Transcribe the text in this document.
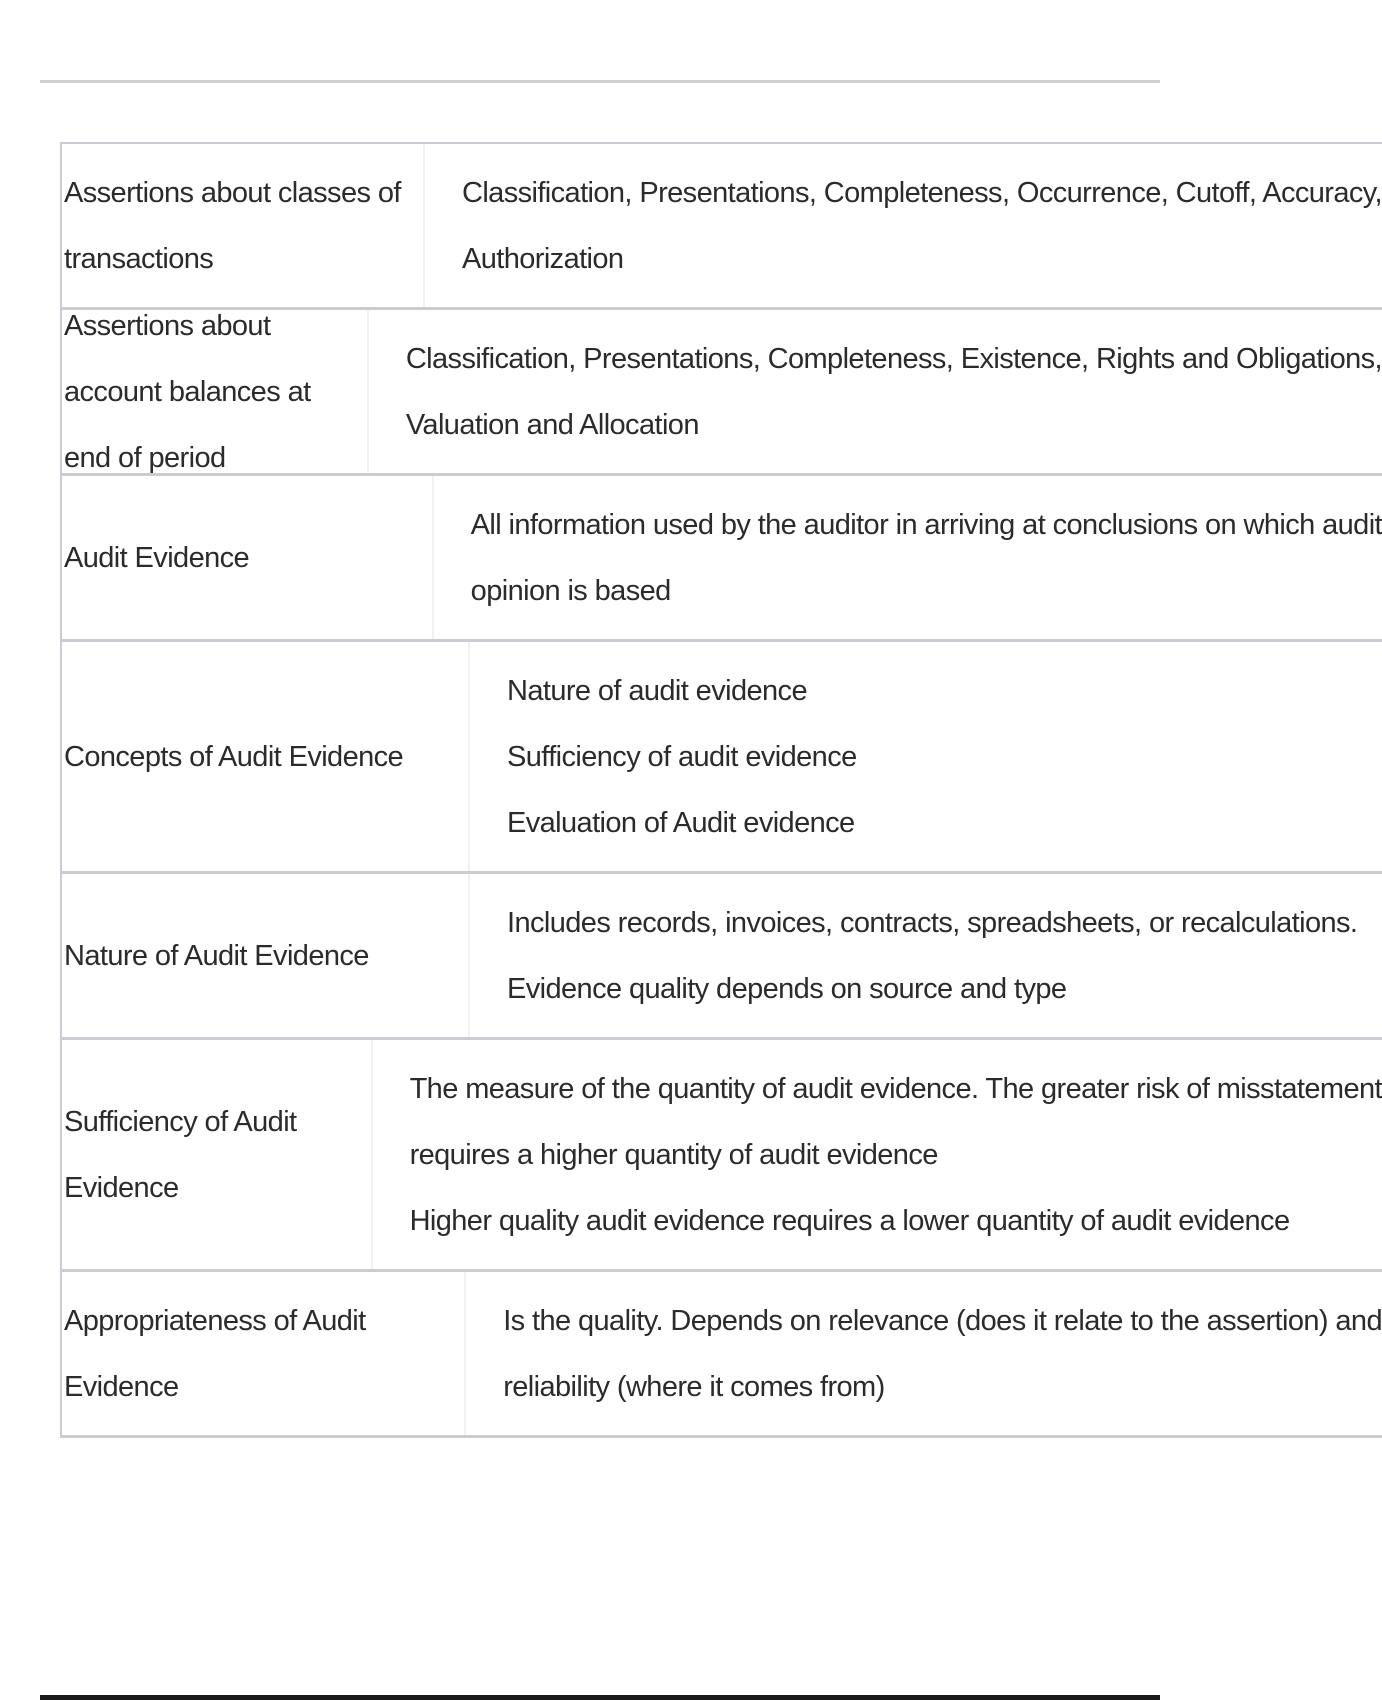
Assertions about classes of transactions
Classification, Presentations, Completeness, Occurrence, Cutoff, Accuracy,
Authorization
Assertions about account balances at
end of period
Classification, Presentations, Completeness, Existence, Rights and Obligations,
Valuation and Allocation
Audit Evidence
All information used by the auditor in arriving at conclusions on which audit
opinion is based
Concepts of Audit Evidence
Nature of audit evidence
Sufficiency of audit evidence
Evaluation of Audit evidence
Nature of Audit Evidence
Includes records, invoices, contracts, spreadsheets, or recalculations.
Evidence quality depends on source and type
Sufficiency of Audit Evidence
The measure of the quantity of audit evidence. The greater risk of misstatement
requires a higher quantity of audit evidence
Higher quality audit evidence requires a lower quantity of audit evidence
Appropriateness of Audit Evidence
Is the quality. Depends on relevance (does it relate to the assertion) and
reliability (where it comes from)
